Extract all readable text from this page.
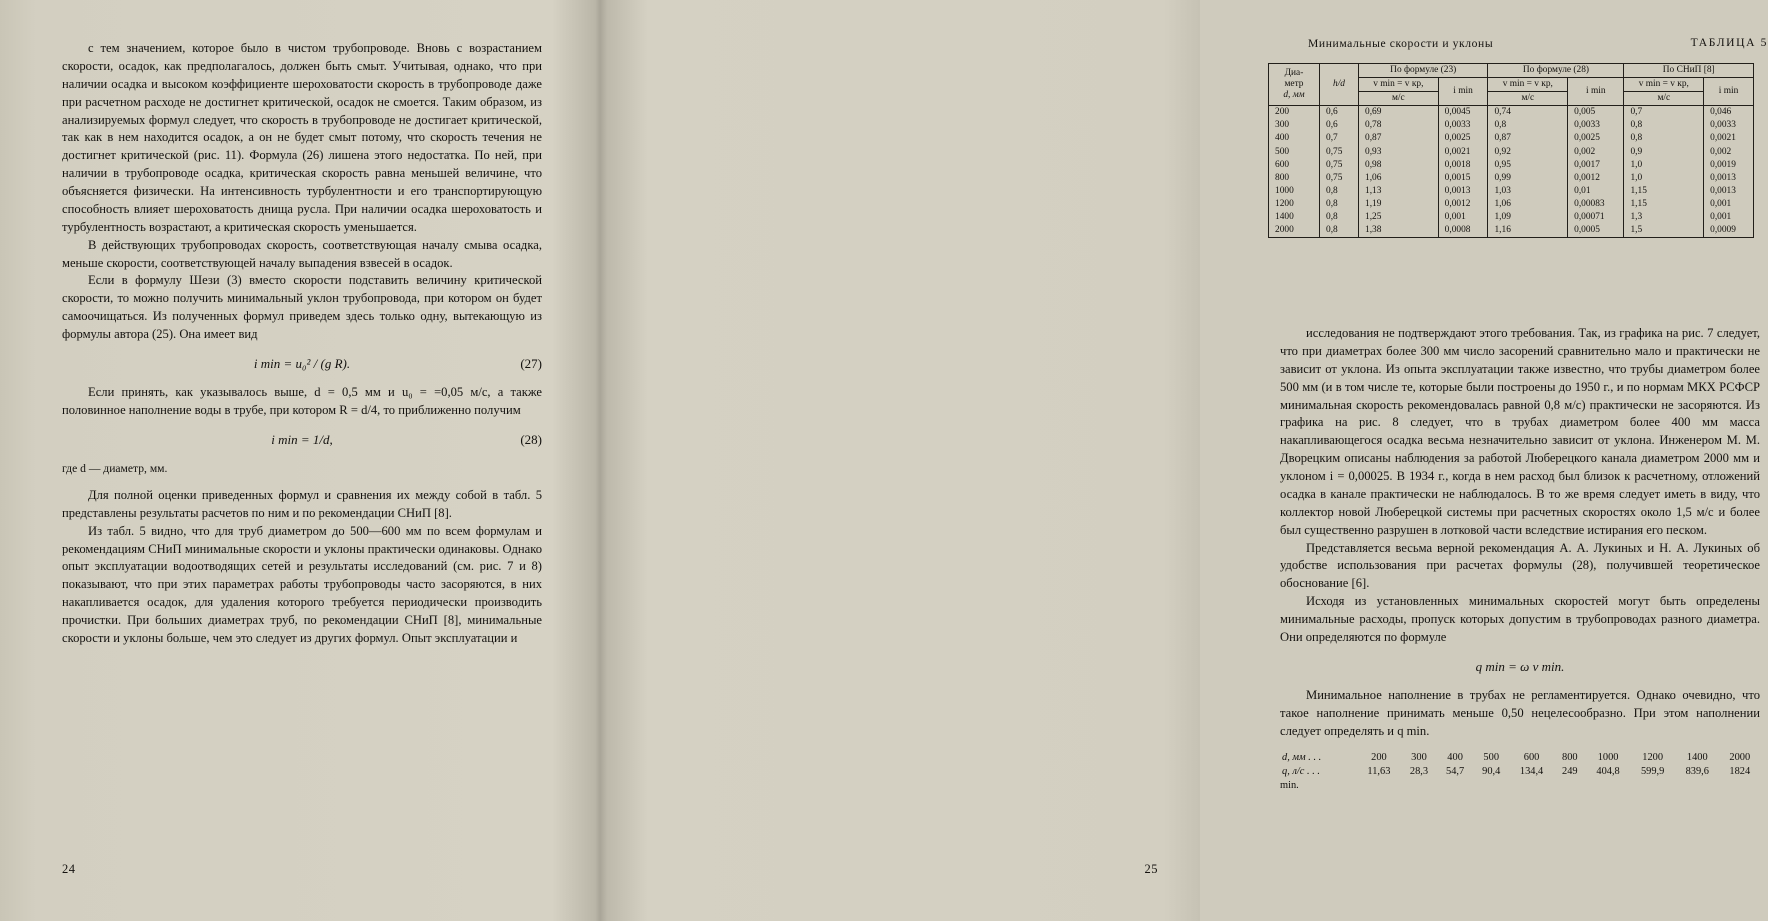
с тем значением, которое было в чистом трубопроводе. Вновь с возрастанием скорости, осадок, как предполагалось, должен быть смыт. Учитывая, однако, что при наличии осадка и высоком коэффициенте шероховатости скорость в трубопроводе даже при расчетном расходе не достигнет критической, осадок не смоется. Таким образом, из анализируемых формул следует, что скорость в трубопроводе не достигает критической, так как в нем находится осадок, а он не будет смыт потому, что скорость течения не достигнет критической (рис. 11). Формула (26) лишена этого недостатка. По ней, при наличии в трубопроводе осадка, критическая скорость равна меньшей величине, что объясняется физически. На интенсивность турбулентности и его транспортирующую способность влияет шероховатость днища русла. При наличии осадка шероховатость и турбулентность возрастают, а критическая скорость уменьшается.

В действующих трубопроводах скорость, соответствующая началу смыва осадка, меньше скорости, соответствующей началу выпадения взвесей в осадок.

Если в формулу Шези (3) вместо скорости подставить величину критической скорости, то можно получить минимальный уклон трубопровода, при котором он будет самоочищаться. Из полученных формул приведем здесь только одну, вытекающую из формулы автора (25). Она имеет вид

i min = u₀² / (g R).	(27)

Если принять, как указывалось выше, d = 0,5 мм и u₀ = =0,05 м/с, а также половинное наполнение воды в трубе, при котором R = d/4, то приближенно получим

i min = 1/d,	(28)

где d — диаметр, мм.

Для полной оценки приведенных формул и сравнения их между собой в табл. 5 представлены результаты расчетов по ним и по рекомендации СНиП [8].

Из табл. 5 видно, что для труб диаметром до 500—600 мм по всем формулам и рекомендациям СНиП минимальные скорости и уклоны практически одинаковы. Однако опыт эксплуатации водоотводящих сетей и результаты исследований (см. рис. 7 и 8) показывают, что при этих параметрах работы трубопроводы часто засоряются, в них накапливается осадок, для удаления которого требуется периодически производить прочистки. При больших диаметрах труб, по рекомендации СНиП [8], минимальные скорости и уклоны больше, чем это следует из других формул. Опыт эксплуатации и

24
ТАБЛИЦА 5
Минимальные скорости и уклоны
Диа-
метр
d, мм	h/d	По формуле (23)		По формуле (28)		По СНиП [8]	
		v min = v кр,	i min	v min = v кр,	i min	v min = v кр,	i min
		м/с		м/с		м/с	
200	0,6	0,69	0,0045	0,74	0,005	0,7	0,046
300	0,6	0,78	0,0033	0,8	0,0033	0,8	0,0033
400	0,7	0,87	0,0025	0,87	0,0025	0,8	0,0021
500	0,75	0,93	0,0021	0,92	0,002	0,9	0,002
600	0,75	0,98	0,0018	0,95	0,0017	1,0	0,0019
800	0,75	1,06	0,0015	0,99	0,0012	1,0	0,0013
1000	0,8	1,13	0,0013	1,03	0,01	1,15	0,0013
1200	0,8	1,19	0,0012	1,06	0,00083	1,15	0,001
1400	0,8	1,25	0,001	1,09	0,00071	1,3	0,001
2000	0,8	1,38	0,0008	1,16	0,0005	1,5	0,0009

исследования не подтверждают этого требования. Так, из графика на рис. 7 следует, что при диаметрах более 300 мм число засорений сравнительно мало и практически не зависит от уклона. Из опыта эксплуатации также известно, что трубы диаметром более 500 мм (и в том числе те, которые были построены до 1950 г., и по нормам МКХ РСФСР минимальная скорость рекомендовалась равной 0,8 м/с) практически не засоряются. Из графика на рис. 8 следует, что в трубах диаметром более 400 мм масса накапливающегося осадка весьма незначительно зависит от уклона. Инженером М. М. Дворецким описаны наблюдения за работой Люберецкого канала диаметром 2000 мм и уклоном i = 0,00025. В 1934 г., когда в нем расход был близок к расчетному, отложений осадка в канале практически не наблюдалось. В то же время следует иметь в виду, что коллектор новой Люберецкой системы при расчетных скоростях около 1,5 м/с и более был существенно разрушен в лотковой части вследствие истирания его песком.

Представляется весьма верной рекомендация А. А. Лукиных и Н. А. Лукиных об удобстве использования при расчетах формулы (28), получившей теоретическое обоснование [6].

Исходя из установленных минимальных скоростей могут быть определены минимальные расходы, пропуск которых допустим в трубопроводах разного диаметра. Они определяются по формуле

q min = ω v min.

Минимальное наполнение в трубах не регламентируется. Однако очевидно, что такое наполнение принимать меньше 0,50 нецелесообразно. При этом наполнении следует определять и q min.

d, мм . . .	200	300	400	500	600	800	1000	1200	1400	2000
q, л/с . . .	11,63	28,3	54,7	90,4	134,4	249	404,8	599,9	839,6	1824
min.
25
